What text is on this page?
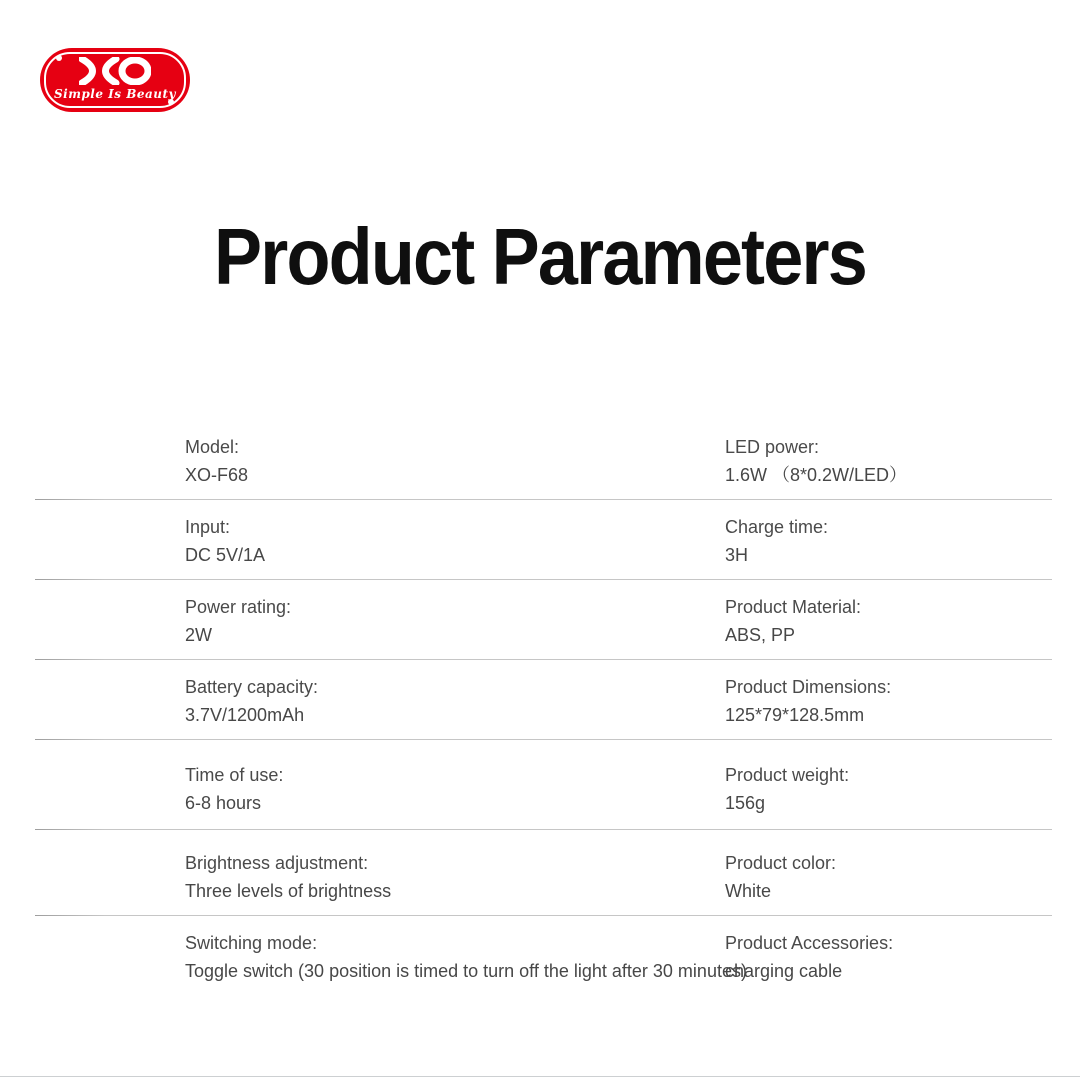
Simple Is Beauty
Product Parameters
Model:
XO-F68
LED power:
1.6W （8*0.2W/LED）
Input:
DC 5V/1A
Charge time:
3H
Power rating:
2W
Product Material:
ABS, PP
Battery capacity:
3.7V/1200mAh
Product Dimensions:
125*79*128.5mm
Time of use:
6-8 hours
Product weight:
156g
Brightness adjustment:
Three levels of brightness
Product color:
White
Switching mode:
Toggle switch (30 position is timed to turn off the light after 30 minutes)
Product Accessories:
charging cable
